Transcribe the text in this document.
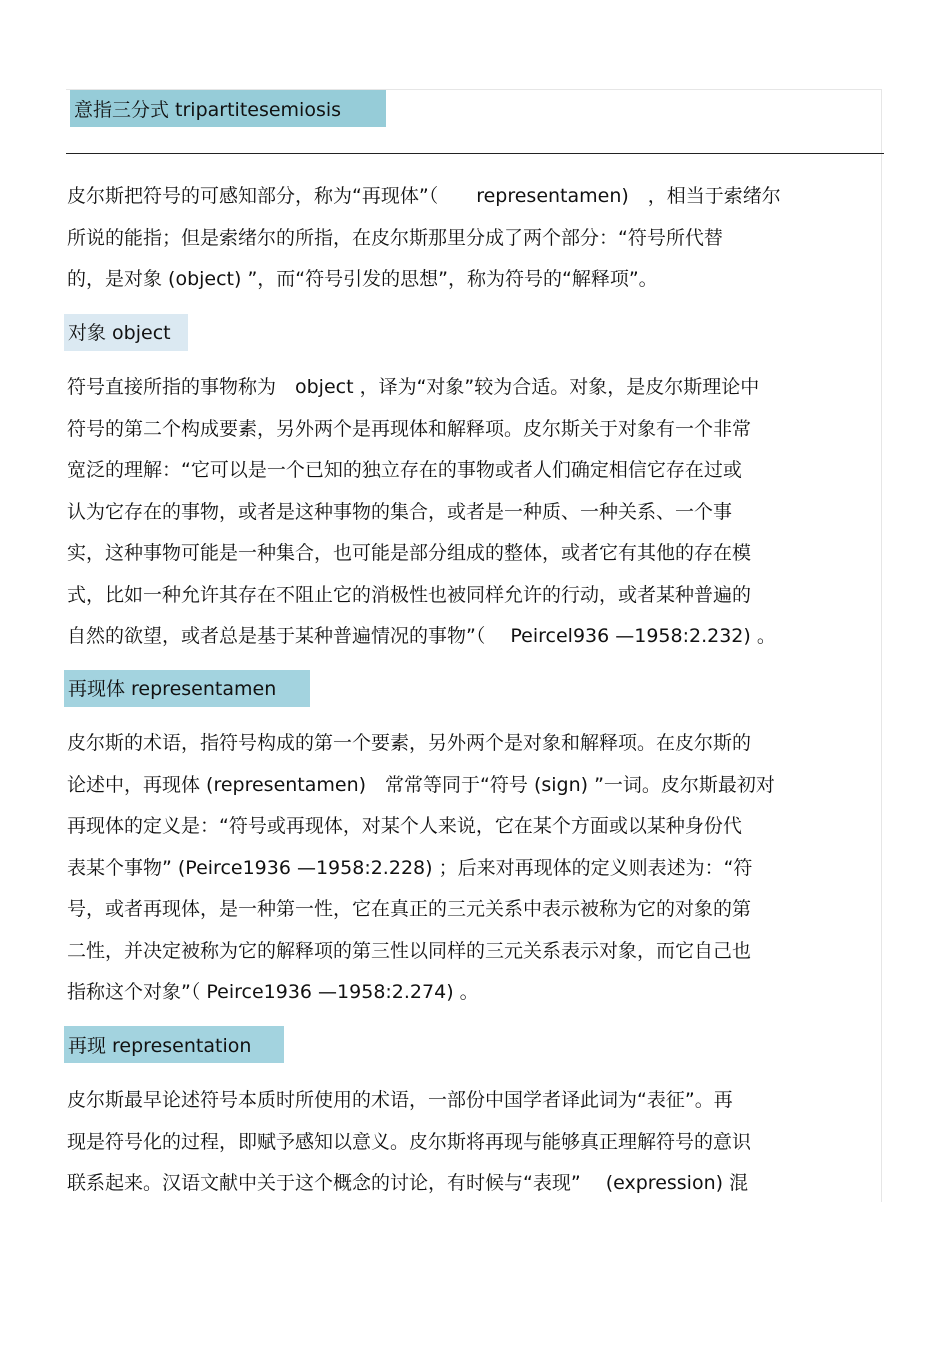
意指三分式 tripartitesemiosis
皮尔斯把符号的可感知部分，称为“再现体”（　　representamen)　，相当于索绪尔
所说的能指；但是索绪尔的所指，在皮尔斯那里分成了两个部分：“符号所代替
的，是对象 (object) ”，而“符号引发的思想”，称为符号的“解释项”。
对象 object
符号直接所指的事物称为　object ，译为“对象”较为合适。对象，是皮尔斯理论中
符号的第二个构成要素，另外两个是再现体和解释项。皮尔斯关于对象有一个非常
宽泛的理解：“它可以是一个已知的独立存在的事物或者人们确定相信它存在过或
认为它存在的事物，或者是这种事物的集合，或者是一种质、一种关系、一个事
实，这种事物可能是一种集合，也可能是部分组成的整体，或者它有其他的存在模
式，比如一种允许其存在不阻止它的消极性也被同样允许的行动，或者某种普遍的
自然的欲望，或者总是基于某种普遍情况的事物”（　 Peircel936 —1958:2.232) 。
再现体 representamen
皮尔斯的术语，指符号构成的第一个要素，另外两个是对象和解释项。在皮尔斯的
论述中，再现体 (representamen)　常常等同于“符号 (sign) ”一词。皮尔斯最初对
再现体的定义是：“符号或再现体，对某个人来说，它在某个方面或以某种身份代
表某个事物” (Peirce1936 —1958:2.228) ；后来对再现体的定义则表述为：“符
号，或者再现体，是一种第一性，它在真正的三元关系中表示被称为它的对象的第
二性，并决定被称为它的解释项的第三性以同样的三元关系表示对象，而它自己也
指称这个对象”（ Peirce1936 —1958:2.274) 。
再现 representation
皮尔斯最早论述符号本质时所使用的术语，一部份中国学者译此词为“表征”。再
现是符号化的过程，即赋予感知以意义。皮尔斯将再现与能够真正理解符号的意识
联系起来。汉语文献中关于这个概念的讨论，有时候与“表现”　 (expression) 混
